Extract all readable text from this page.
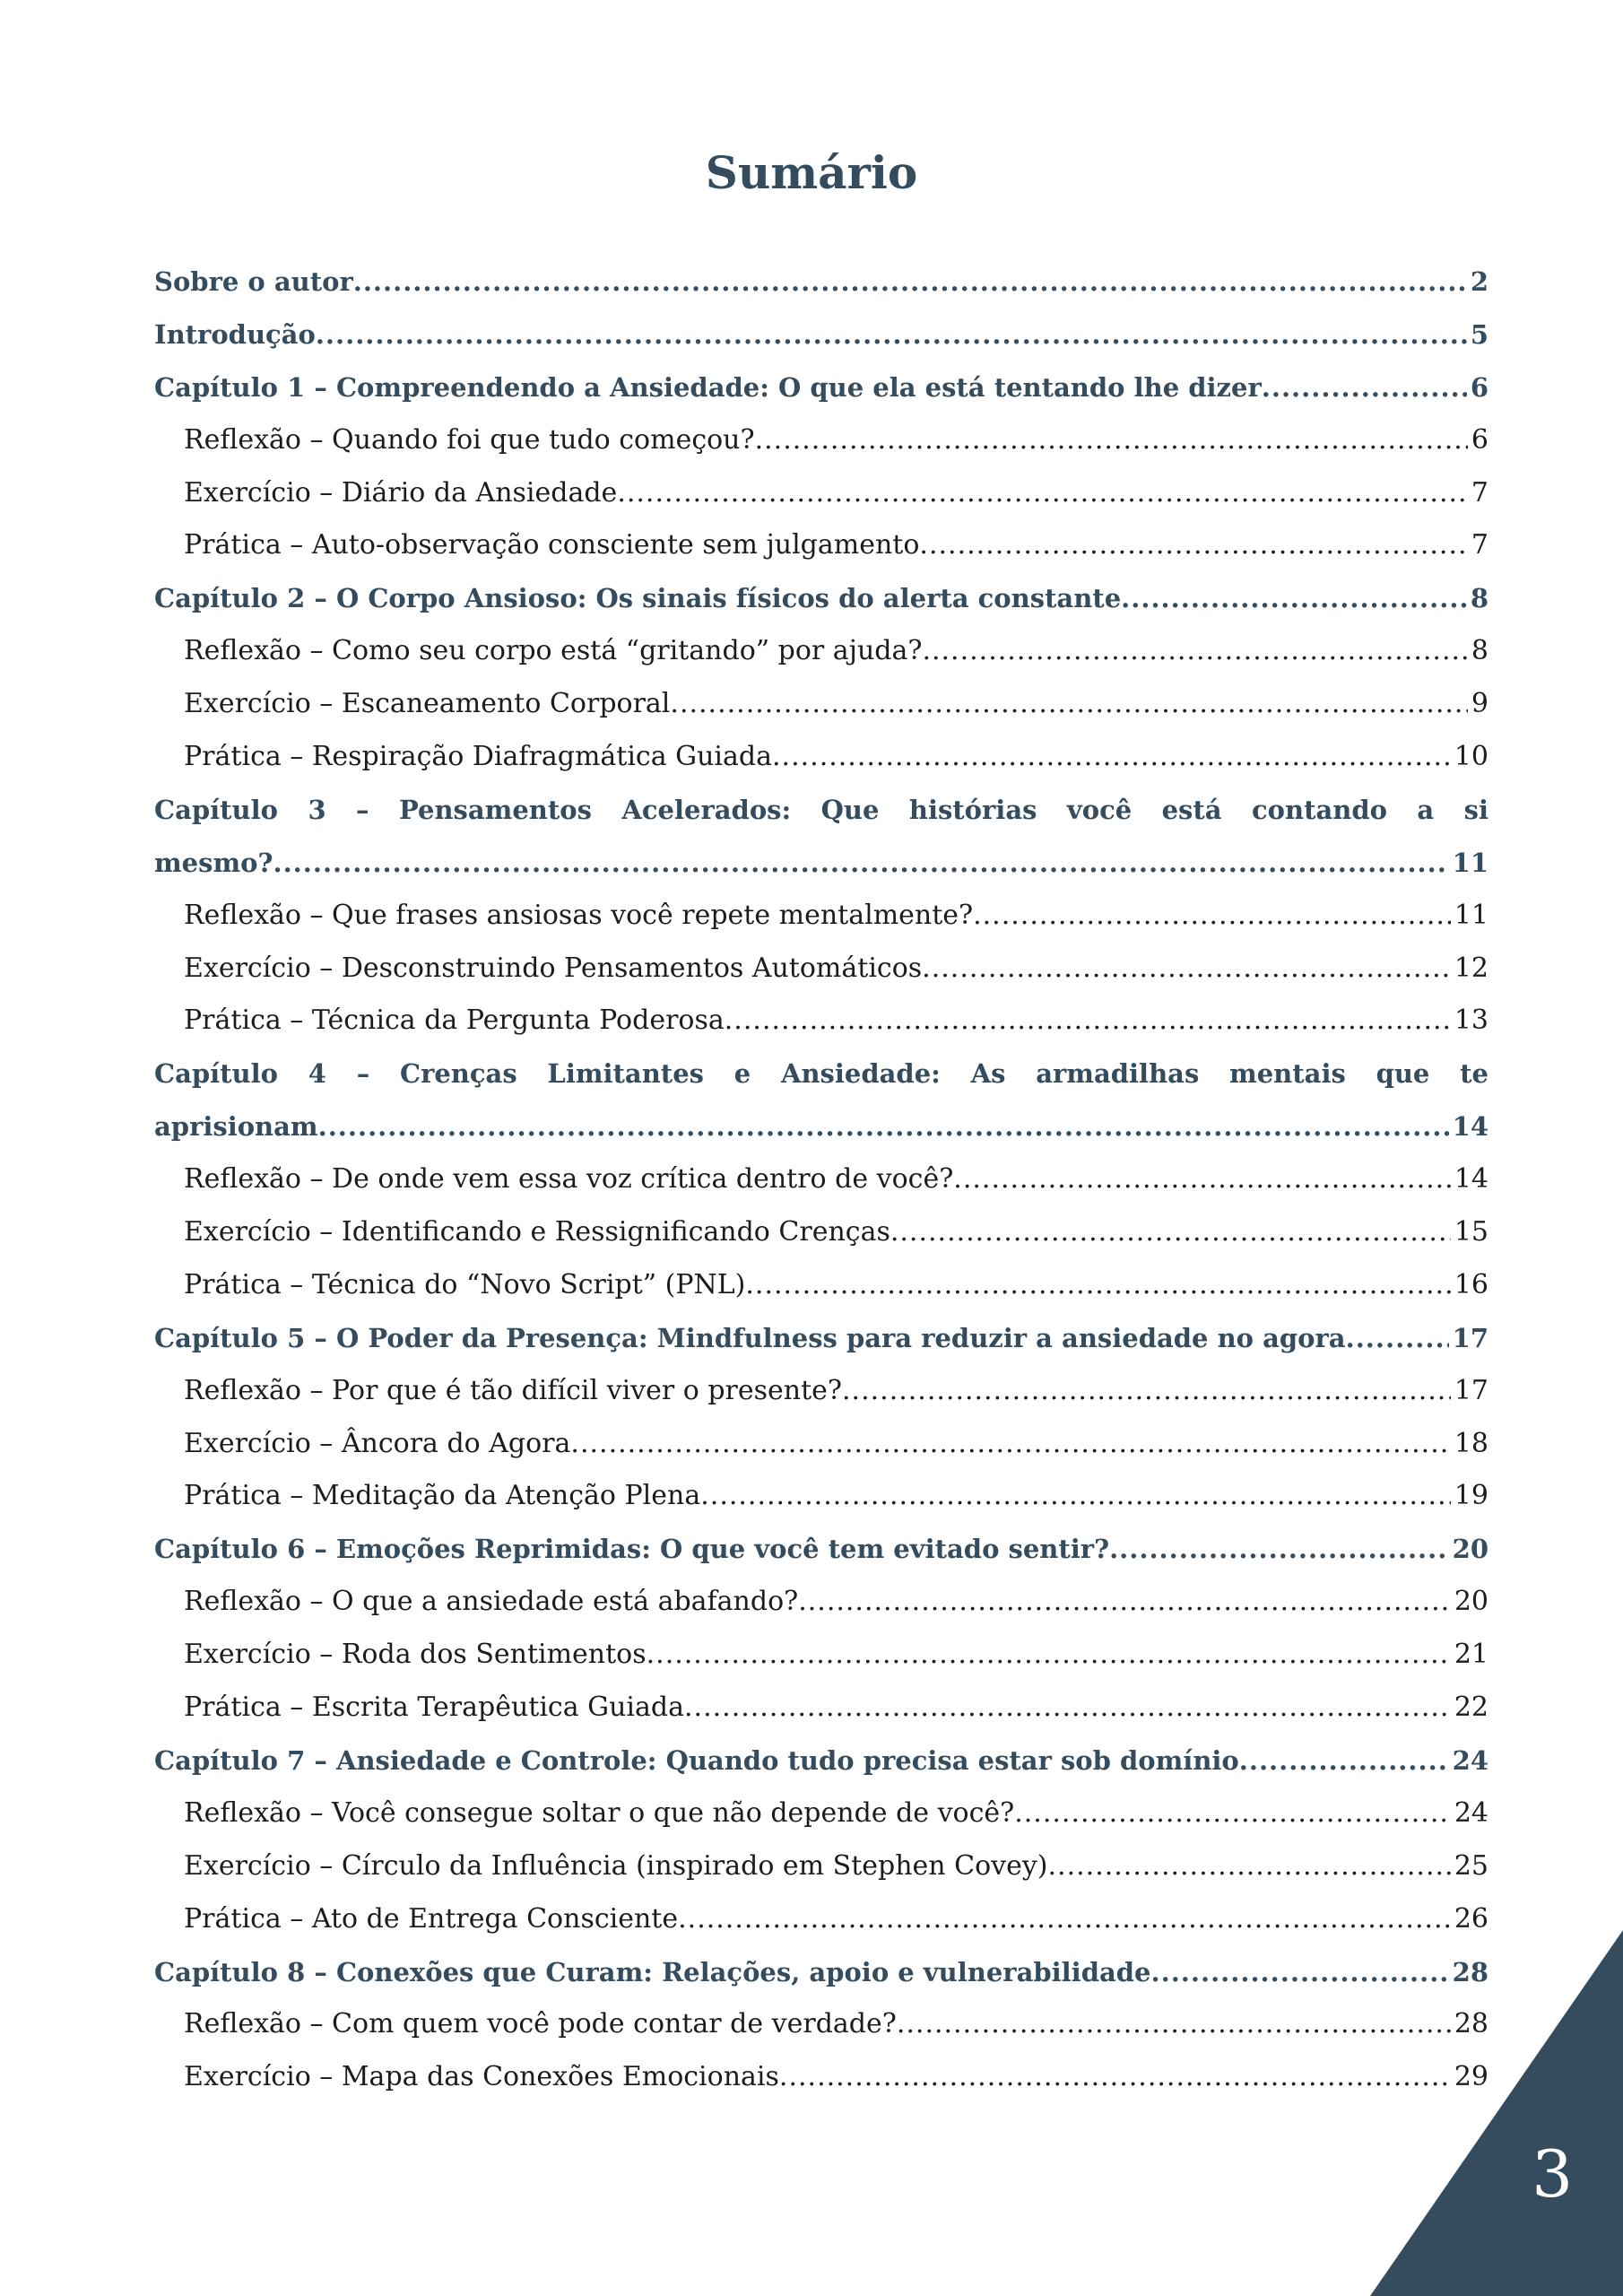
Sumário
Sobre o autor .....	2
Introdução .....	5
Capítulo 1 – Compreendendo a Ansiedade: O que ela está tentando lhe dizer .....	6
Reflexão – Quando foi que tudo começou? .....	6
Exercício – Diário da Ansiedade .....	7
Prática – Auto-observação consciente sem julgamento .....	7
Capítulo 2 – O Corpo Ansioso: Os sinais físicos do alerta constante .....	8
Reflexão – Como seu corpo está “gritando” por ajuda? .....	8
Exercício – Escaneamento Corporal .....	9
Prática – Respiração Diafragmática Guiada .....	10
Capítulo 3 – Pensamentos Acelerados: Que histórias você está contando a si
mesmo? .....	11
Reflexão – Que frases ansiosas você repete mentalmente? .....	11
Exercício – Desconstruindo Pensamentos Automáticos .....	12
Prática – Técnica da Pergunta Poderosa .....	13
Capítulo 4 – Crenças Limitantes e Ansiedade: As armadilhas mentais que te
aprisionam .....	14
Reflexão – De onde vem essa voz crítica dentro de você? .....	14
Exercício – Identificando e Ressignificando Crenças .....	15
Prática – Técnica do “Novo Script” (PNL) .....	16
Capítulo 5 – O Poder da Presença: Mindfulness para reduzir a ansiedade no agora .....	17
Reflexão – Por que é tão difícil viver o presente? .....	17
Exercício – Âncora do Agora .....	18
Prática – Meditação da Atenção Plena .....	19
Capítulo 6 – Emoções Reprimidas: O que você tem evitado sentir? .....	20
Reflexão – O que a ansiedade está abafando? .....	20
Exercício – Roda dos Sentimentos .....	21
Prática – Escrita Terapêutica Guiada .....	22
Capítulo 7 – Ansiedade e Controle: Quando tudo precisa estar sob domínio .....	24
Reflexão – Você consegue soltar o que não depende de você? .....	24
Exercício – Círculo da Influência (inspirado em Stephen Covey) .....	25
Prática – Ato de Entrega Consciente .....	26
Capítulo 8 – Conexões que Curam: Relações, apoio e vulnerabilidade .....	28
Reflexão – Com quem você pode contar de verdade? .....	28
Exercício – Mapa das Conexões Emocionais .....	29
3
